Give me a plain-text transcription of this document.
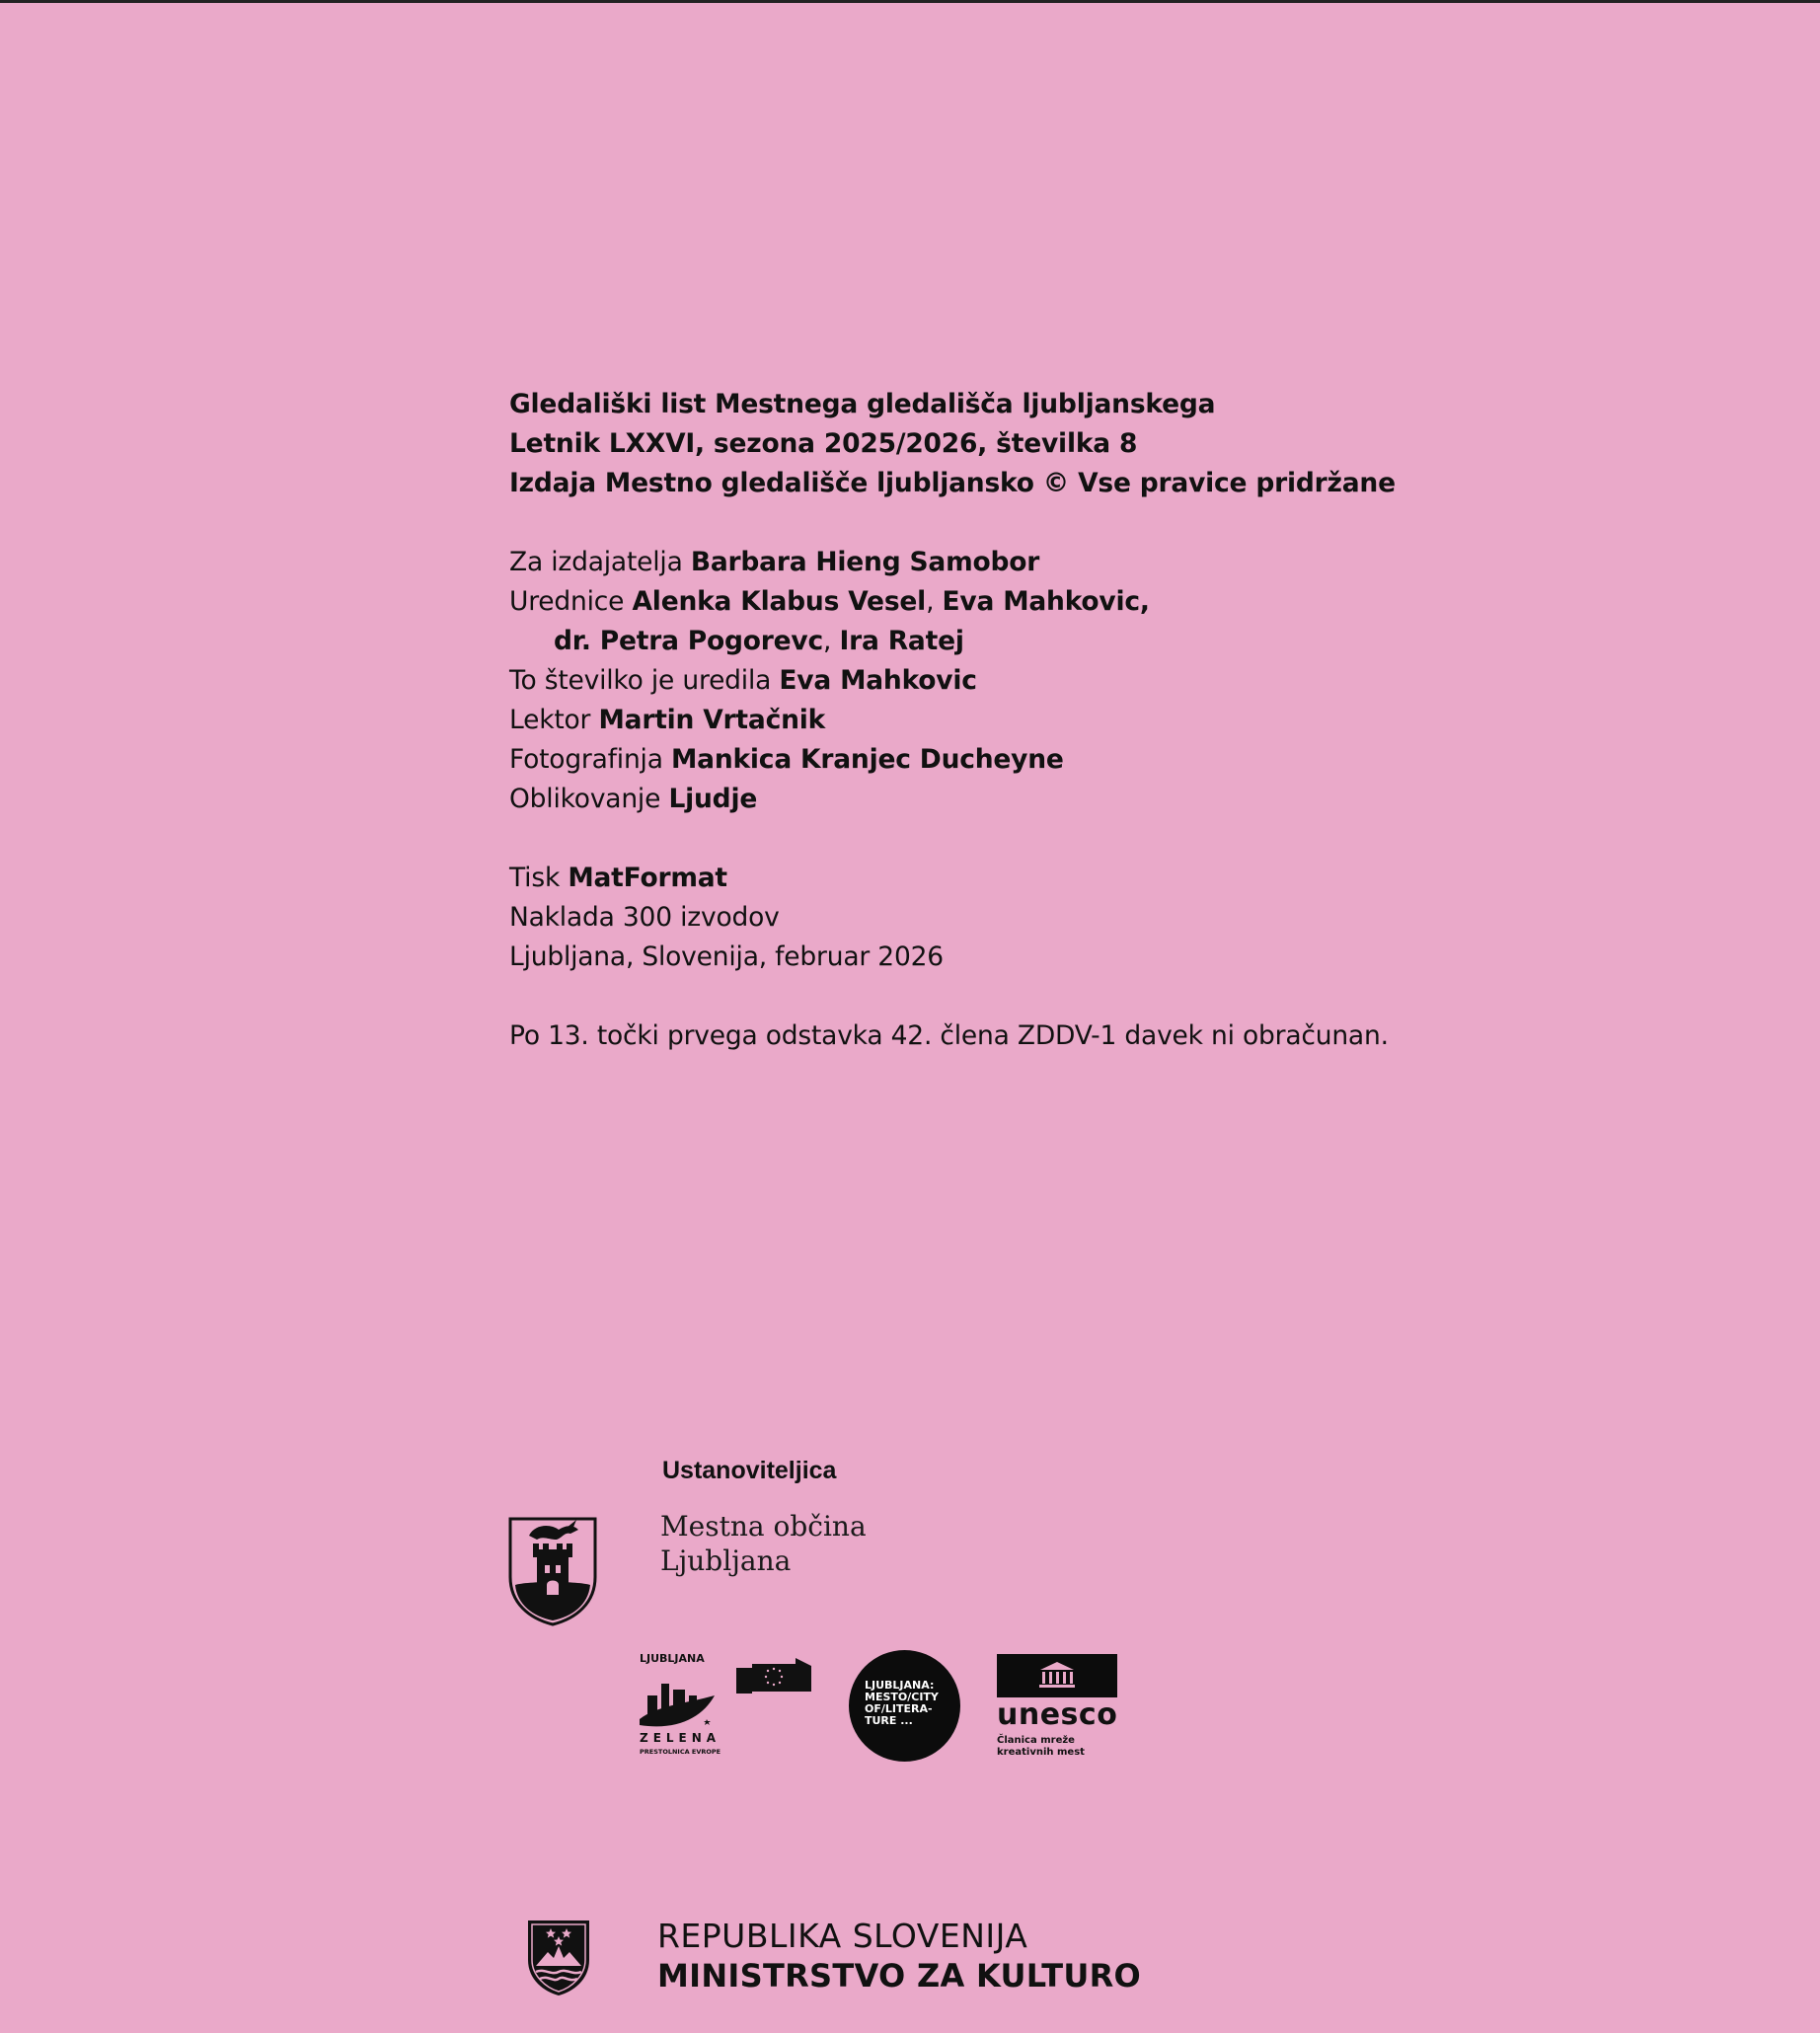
Gledališki list Mestnega gledališča ljubljanskega
Letnik LXXVI, sezona 2025/2026, številka 8
Izdaja Mestno gledališče ljubljansko © Vse pravice pridržane
Za izdajatelja Barbara Hieng Samobor
Urednice Alenka Klabus Vesel, Eva Mahkovic,
dr. Petra Pogorevc, Ira Ratej
To številko je uredila Eva Mahkovic
Lektor Martin Vrtačnik
Fotografinja Mankica Kranjec Ducheyne
Oblikovanje Ljudje
Tisk MatFormat
Naklada 300 izvodov
Ljubljana, Slovenija, februar 2026
Po 13. točki prvega odstavka 42. člena ZDDV-1 davek ni obračunan.
Ustanoviteljica
Mestna občina
Ljubljana
LJUBLJANA
ZELENA
PRESTOLNICA EVROPE
LJUBLJANA: MESTO/CITY OF/LITERA-TURE ...	unesco
Članica mreže
kreativnih mest
REPUBLIKA SLOVENIJA
MINISTRSTVO ZA KULTURO
